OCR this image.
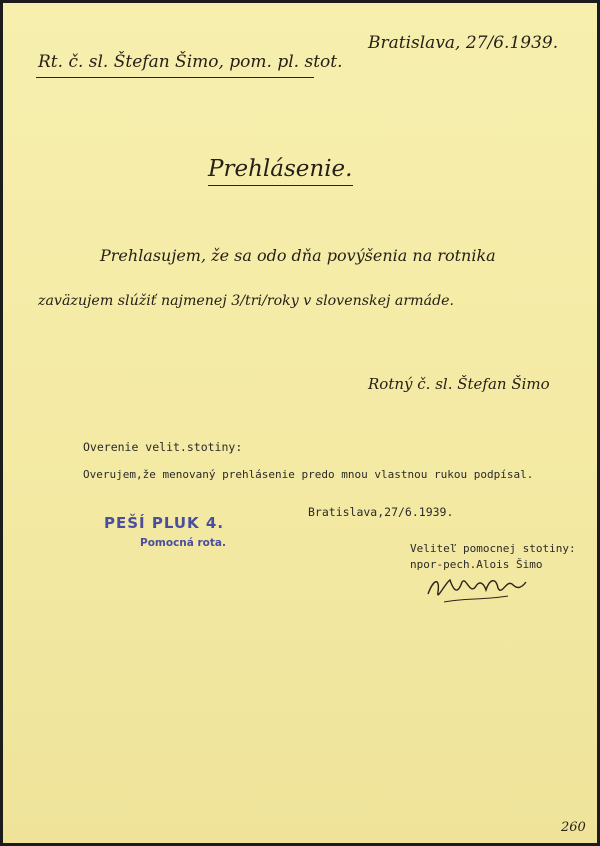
Rt. č. sl. Štefan Šimo, pom. pl. stot.
Bratislava, 27/6.1939.
Prehlásenie.
Prehlasujem, že sa odo dňa povýšenia na rotnika
zaväzujem slúžiť najmenej 3/tri/roky v slovenskej armáde.
Rotný č. sl. Štefan Šimo
Overenie velit.stotiny:
Overujem,že menovaný prehlásenie predo mnou vlastnou rukou podpísal.
Bratislava,27/6.1939.
PEŠÍ PLUK 4.
Pomocná rota.	Veliteľ pomocnej stotiny:
npor-pech.Alois Šimo
260
